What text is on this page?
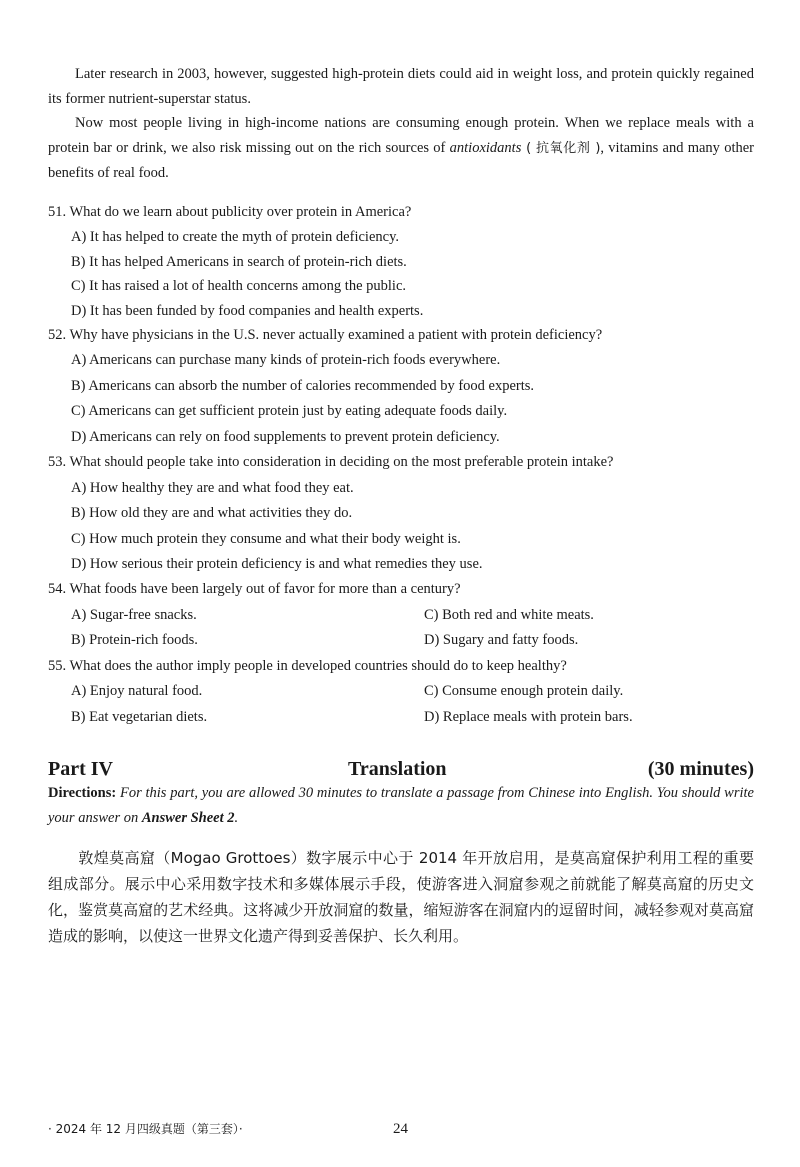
Later research in 2003, however, suggested high-protein diets could aid in weight loss, and protein quickly regained its former nutrient-superstar status.

Now most people living in high-income nations are consuming enough protein. When we replace meals with a protein bar or drink, we also risk missing out on the rich sources of antioxidants ( 抗氧化剂 ), vitamins and many other benefits of real food.

51. What do we learn about publicity over protein in America?
A) It has helped to create the myth of protein deficiency.
B) It has helped Americans in search of protein-rich diets.
C) It has raised a lot of health concerns among the public.
D) It has been funded by food companies and health experts.
52. Why have physicians in the U.S. never actually examined a patient with protein deficiency?
A) Americans can purchase many kinds of protein-rich foods everywhere.
B) Americans can absorb the number of calories recommended by food experts.
C) Americans can get sufficient protein just by eating adequate foods daily.
D) Americans can rely on food supplements to prevent protein deficiency.
53. What should people take into consideration in deciding on the most preferable protein intake?
A) How healthy they are and what food they eat.
B) How old they are and what activities they do.
C) How much protein they consume and what their body weight is.
D) How serious their protein deficiency is and what remedies they use.
54. What foods have been largely out of favor for more than a century?
A) Sugar-free snacks.
B) Protein-rich foods.
C) Both red and white meats.
D) Sugary and fatty foods.
55. What does the author imply people in developed countries should do to keep healthy?
A) Enjoy natural food.
B) Eat vegetarian diets.
C) Consume enough protein daily.
D) Replace meals with protein bars.
Part IV	Translation	(30 minutes)
Directions: For this part, you are allowed 30 minutes to translate a passage from Chinese into English. You should write your answer on Answer Sheet 2.
敦煌莫高窟（Mogao Grottoes）数字展示中心于 2014 年开放启用，是莫高窟保护利用工程的重要组成部分。展示中心采用数字技术和多媒体展示手段，使游客进入洞窟参观之前就能了解莫高窟的历史文化，鉴赏莫高窟的艺术经典。这将减少开放洞窟的数量，缩短游客在洞窟内的逗留时间，减轻参观对莫高窟造成的影响，以使这一世界文化遗产得到妥善保护、长久利用。
· 2024 年 12 月四级真题（第三套）·	24
